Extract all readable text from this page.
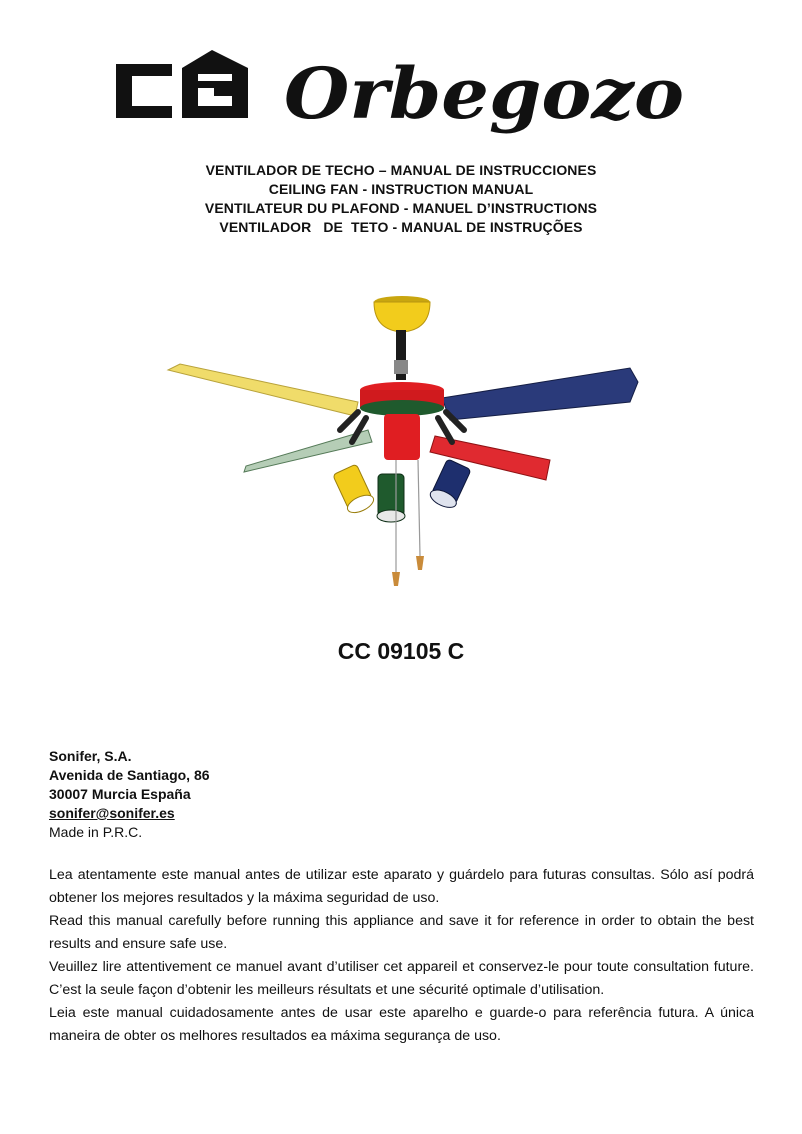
Orbegozo
VENTILADOR DE TECHO – MANUAL DE INSTRUCCIONES
CEILING FAN - INSTRUCTION MANUAL
VENTILATEUR DU PLAFOND - MANUEL D’INSTRUCTIONS
VENTILADOR   DE  TETO - MANUAL DE INSTRUÇÕES
CC 09105 C
Sonifer, S.A.
Avenida de Santiago, 86
30007 Murcia España
sonifer@sonifer.es
Made in P.R.C.

Lea atentamente este manual antes de utilizar este aparato y guárdelo para futuras consultas. Sólo así podrá obtener los mejores resultados y la máxima seguridad de uso.

Read this manual carefully before running this appliance and save it for reference in order to obtain the best results and ensure safe use.

Veuillez lire attentivement ce manuel avant d’utiliser cet appareil et conservez-le pour toute consultation future. C’est la seule façon d’obtenir les meilleurs résultats et une sécurité optimale d’utilisation.

Leia este manual cuidadosamente antes de usar este aparelho e guarde-o para referência futura. A única maneira de obter os melhores resultados ea máxima segurança de uso.
